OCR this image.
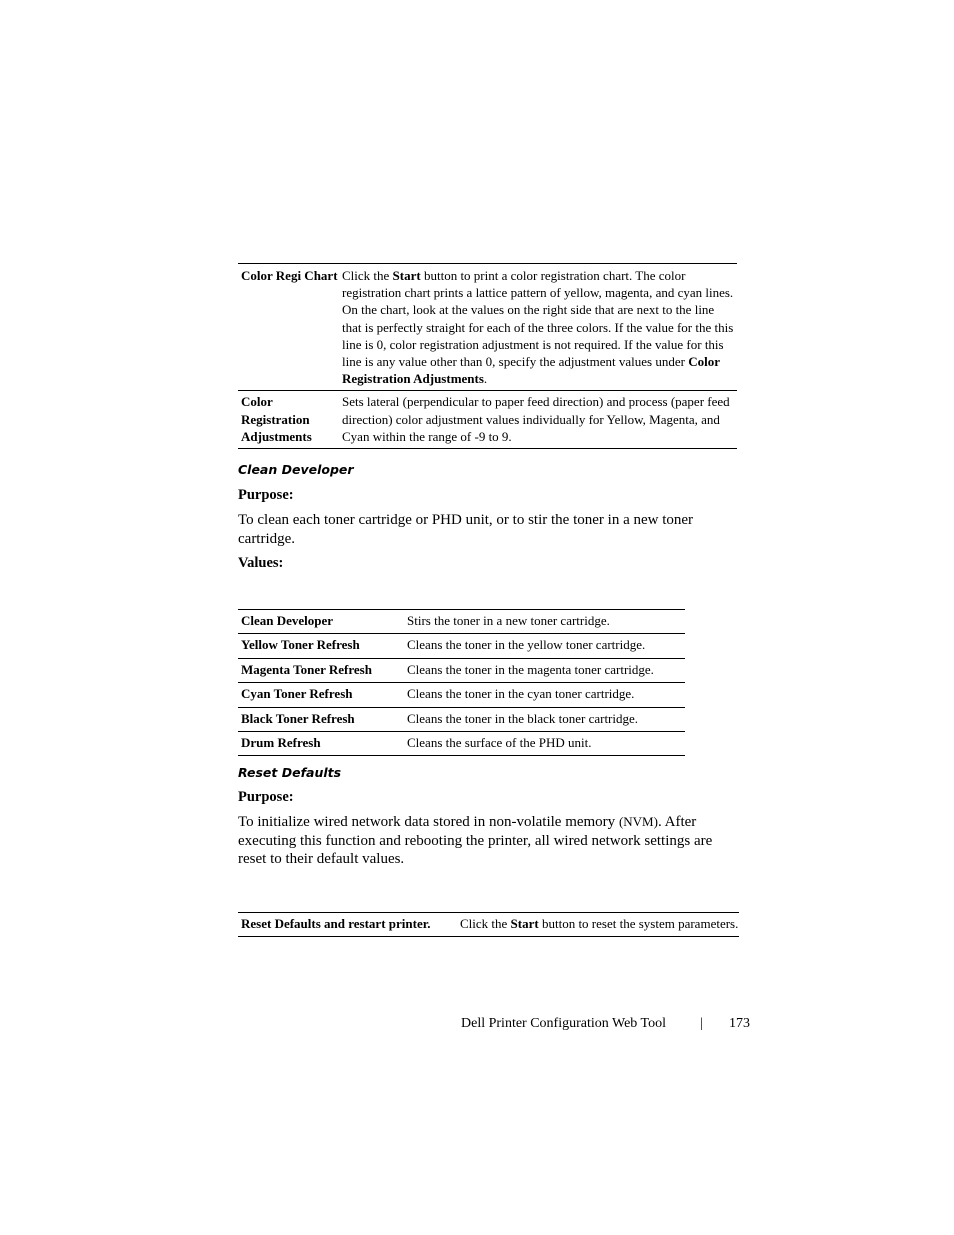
Color Regi Chart	Click the Start button to print a color registration chart. The color registration chart prints a lattice pattern of yellow, magenta, and cyan lines. On the chart, look at the values on the right side that are next to the line that is perfectly straight for each of the three colors. If the value for the this line is 0, color registration adjustment is not required. If the value for this line is any value other than 0, specify the adjustment values under Color Registration Adjustments.
Color Registration Adjustments	Sets lateral (perpendicular to paper feed direction) and process (paper feed direction) color adjustment values individually for Yellow, Magenta, and Cyan within the range of -9 to 9.
Clean Developer
Purpose:
To clean each toner cartridge or PHD unit, or to stir the toner in a new toner cartridge.
Values:
Clean Developer	Stirs the toner in a new toner cartridge.
Yellow Toner Refresh	Cleans the toner in the yellow toner cartridge.
Magenta Toner Refresh	Cleans the toner in the magenta toner cartridge.
Cyan Toner Refresh	Cleans the toner in the cyan toner cartridge.
Black Toner Refresh	Cleans the toner in the black toner cartridge.
Drum Refresh	Cleans the surface of the PHD unit.
Reset Defaults
Purpose:
To initialize wired network data stored in non-volatile memory (NVM). After executing this function and rebooting the printer, all wired network settings are reset to their default values.
Reset Defaults and restart printer.	Click the Start button to reset the system parameters.
Dell Printer Configuration Web Tool | 173
